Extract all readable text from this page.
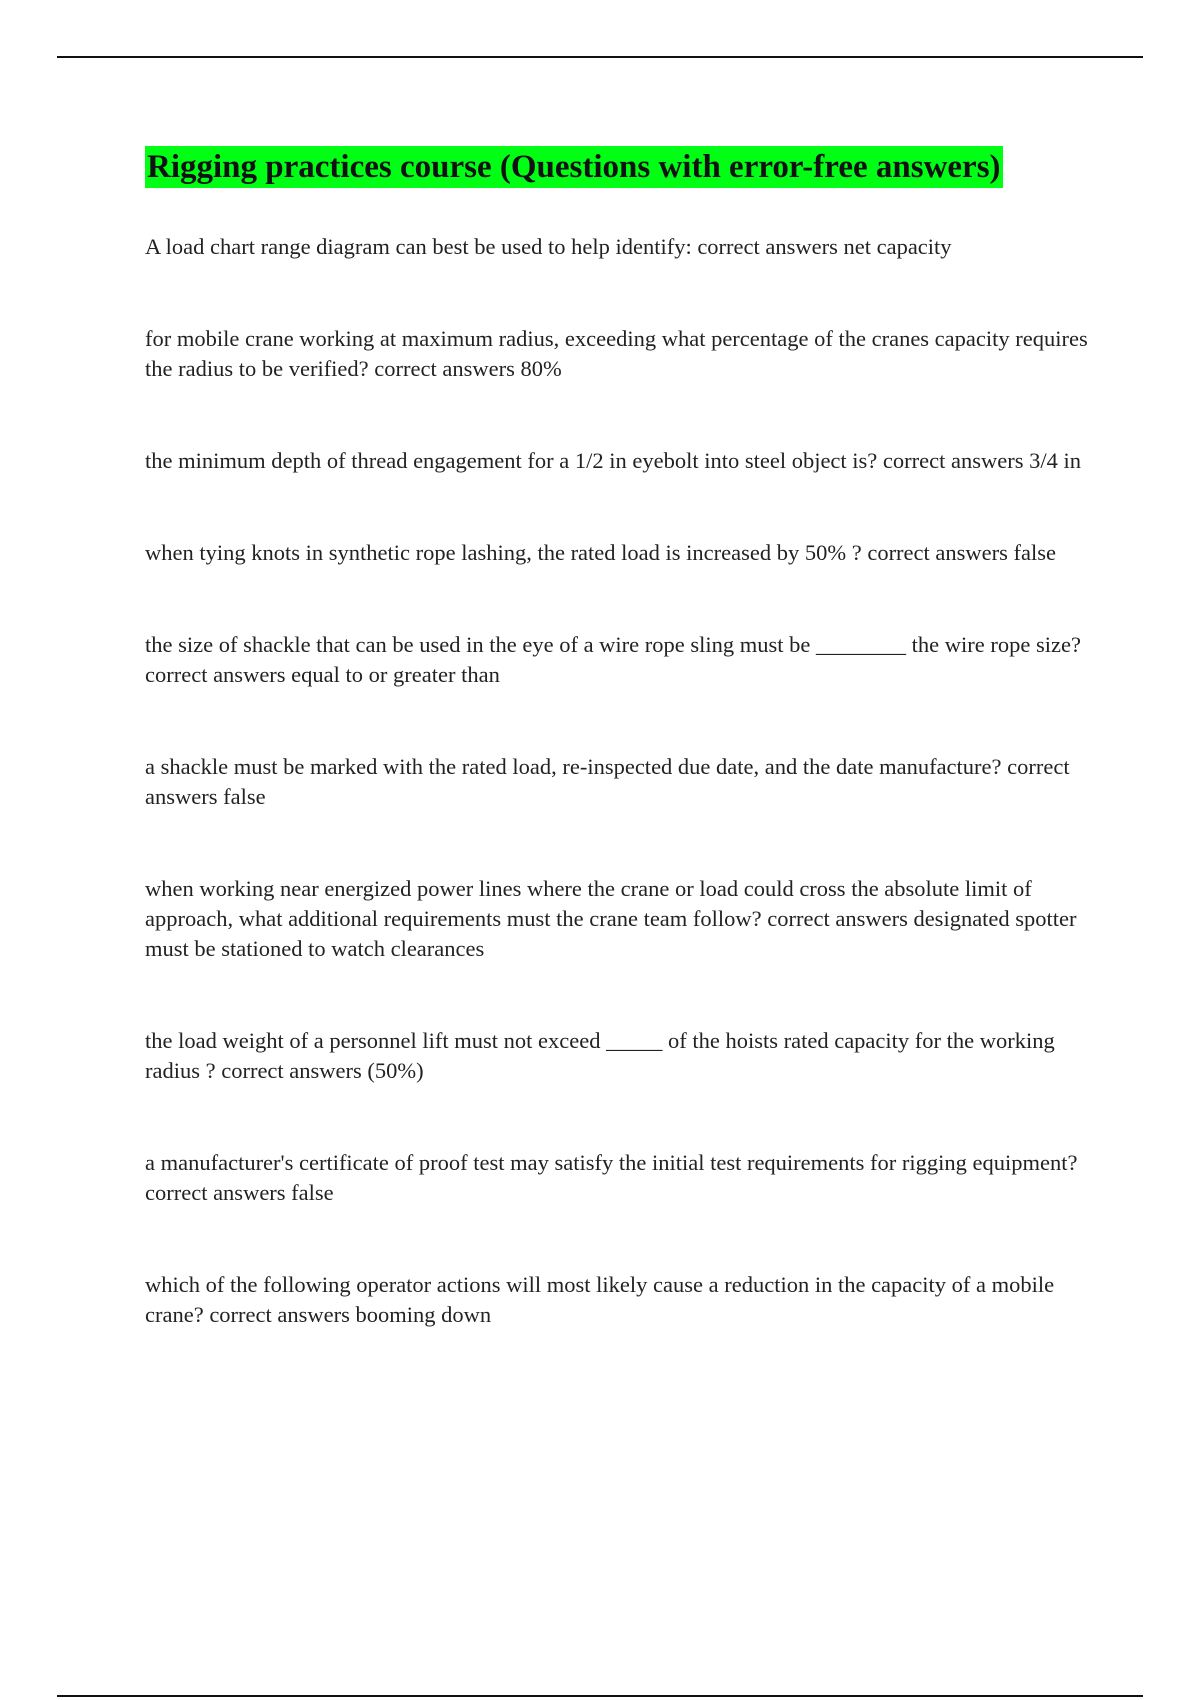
Rigging practices course (Questions with error-free answers)

A load chart range diagram can best be used to help identify: correct answers net capacity

for mobile crane working at maximum radius, exceeding what percentage of the cranes capacity requires the radius to be verified? correct answers 80%

the minimum depth of thread engagement for a 1/2 in eyebolt into steel object is? correct answers 3/4 in

when tying knots in synthetic rope lashing, the rated load is increased by 50% ? correct answers false

the size of shackle that can be used in the eye of a wire rope sling must be ________ the wire rope size? correct answers equal to or greater than

a shackle must be marked with the rated load, re-inspected due date, and the date manufacture? correct answers false

when working near energized power lines where the crane or load could cross the absolute limit of approach, what additional requirements must the crane team follow? correct answers designated spotter must be stationed to watch clearances

the load weight of a personnel lift must not exceed _____ of the hoists rated capacity for the working radius ? correct answers (50%)

a manufacturer's certificate of proof test may satisfy the initial test requirements for rigging equipment? correct answers false

which of the following operator actions will most likely cause a reduction in the capacity of a mobile crane? correct answers booming down
